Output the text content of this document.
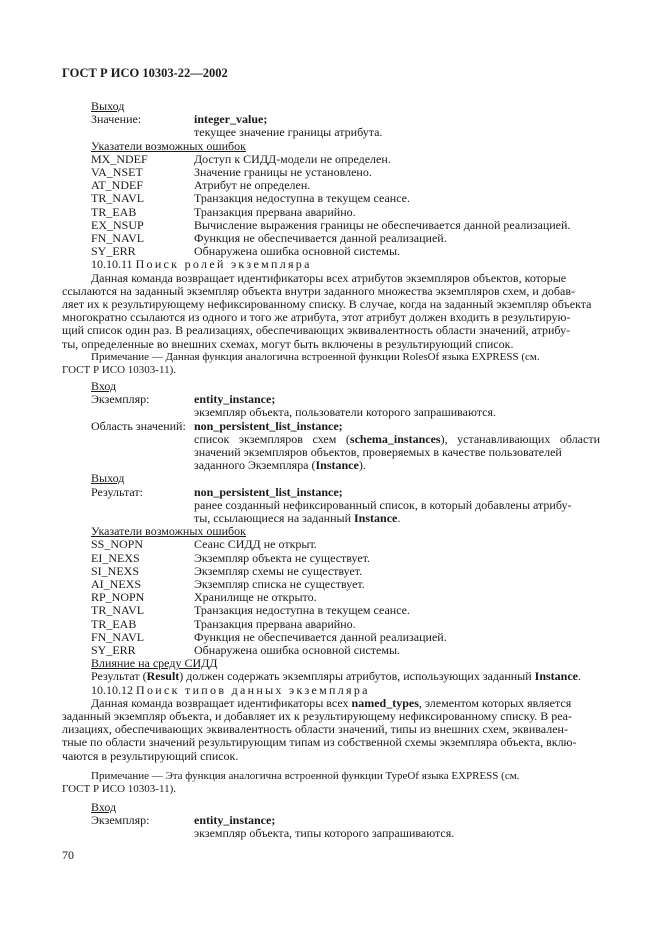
ГОСТ Р ИСО 10303-22—2002
Выход
Значение:	integer_value;
текущее значение границы атрибута.
Указатели возможных ошибок
MX_NDEF	Доступ к СИДД-модели не определен.
VA_NSET	Значение границы не установлено.
AT_NDEF	Атрибут не определен.
TR_NAVL	Транзакция недоступна в текущем сеансе.
TR_EAB	Транзакция прервана аварийно.
EX_NSUP	Вычисление выражения границы не обеспечивается данной реализацией.
FN_NAVL	Функция не обеспечивается данной реализацией.
SY_ERR	Обнаружена ошибка основной системы.
10.10.11 Поиск ролей экземпляра
Данная команда возвращает идентификаторы всех атрибутов экземпляров объектов, которые
ссылаются на заданный экземпляр объекта внутри заданного множества экземпляров схем, и добав-
ляет их к результирующему нефиксированному списку. В случае, когда на заданный экземпляр объекта
многократно ссылаются из одного и того же атрибута, этот атрибут должен входить в результирую-
щий список один раз. В реализациях, обеспечивающих эквивалентность области значений, атрибу-
ты, определенные во внешних схемах, могут быть включены в результирующий список.
Примечание — Данная функция аналогична встроенной функции RolesOf языка EXPRESS (см.
ГОСТ Р ИСО 10303-11).
Вход
Экземпляр:	entity_instance;
экземпляр объекта, пользователи которого запрашиваются.
Область значений: non_persistent_list_instance;
список экземпляров схем (schema_instances), устанавливающих области
значений экземпляров объектов, проверяемых в качестве пользователей
заданного Экземпляра (Instance).
Выход
Результат:	non_persistent_list_instance;
ранее созданный нефиксированный список, в который добавлены атрибу-
ты, ссылающиеся на заданный Instance.
Указатели возможных ошибок
SS_NOPN	Сеанс СИДД не открыт.
EI_NEXS	Экземпляр объекта не существует.
SI_NEXS	Экземпляр схемы не существует.
AI_NEXS	Экземпляр списка не существует.
RP_NOPN	Хранилище не открыто.
TR_NAVL	Транзакция недоступна в текущем сеансе.
TR_EAB	Транзакция прервана аварийно.
FN_NAVL	Функция не обеспечивается данной реализацией.
SY_ERR	Обнаружена ошибка основной системы.
Влияние на среду СИДД
Результат (Result) должен содержать экземпляры атрибутов, использующих заданный Instance.
10.10.12 Поиск типов данных экземпляра
Данная команда возвращает идентификаторы всех named_types, элементом которых является
заданный экземпляр объекта, и добавляет их к результирующему нефиксированному списку. В реа-
лизациях, обеспечивающих эквивалентность области значений, типы из внешних схем, эквивален-
тные по области значений результирующим типам из собственной схемы экземпляра объекта, вклю-
чаются в результирующий список.
Примечание — Эта функция аналогична встроенной функции TypeOf языка EXPRESS (см.
ГОСТ Р ИСО 10303-11).
Вход
Экземпляр:	entity_instance;
экземпляр объекта, типы которого запрашиваются.
70
